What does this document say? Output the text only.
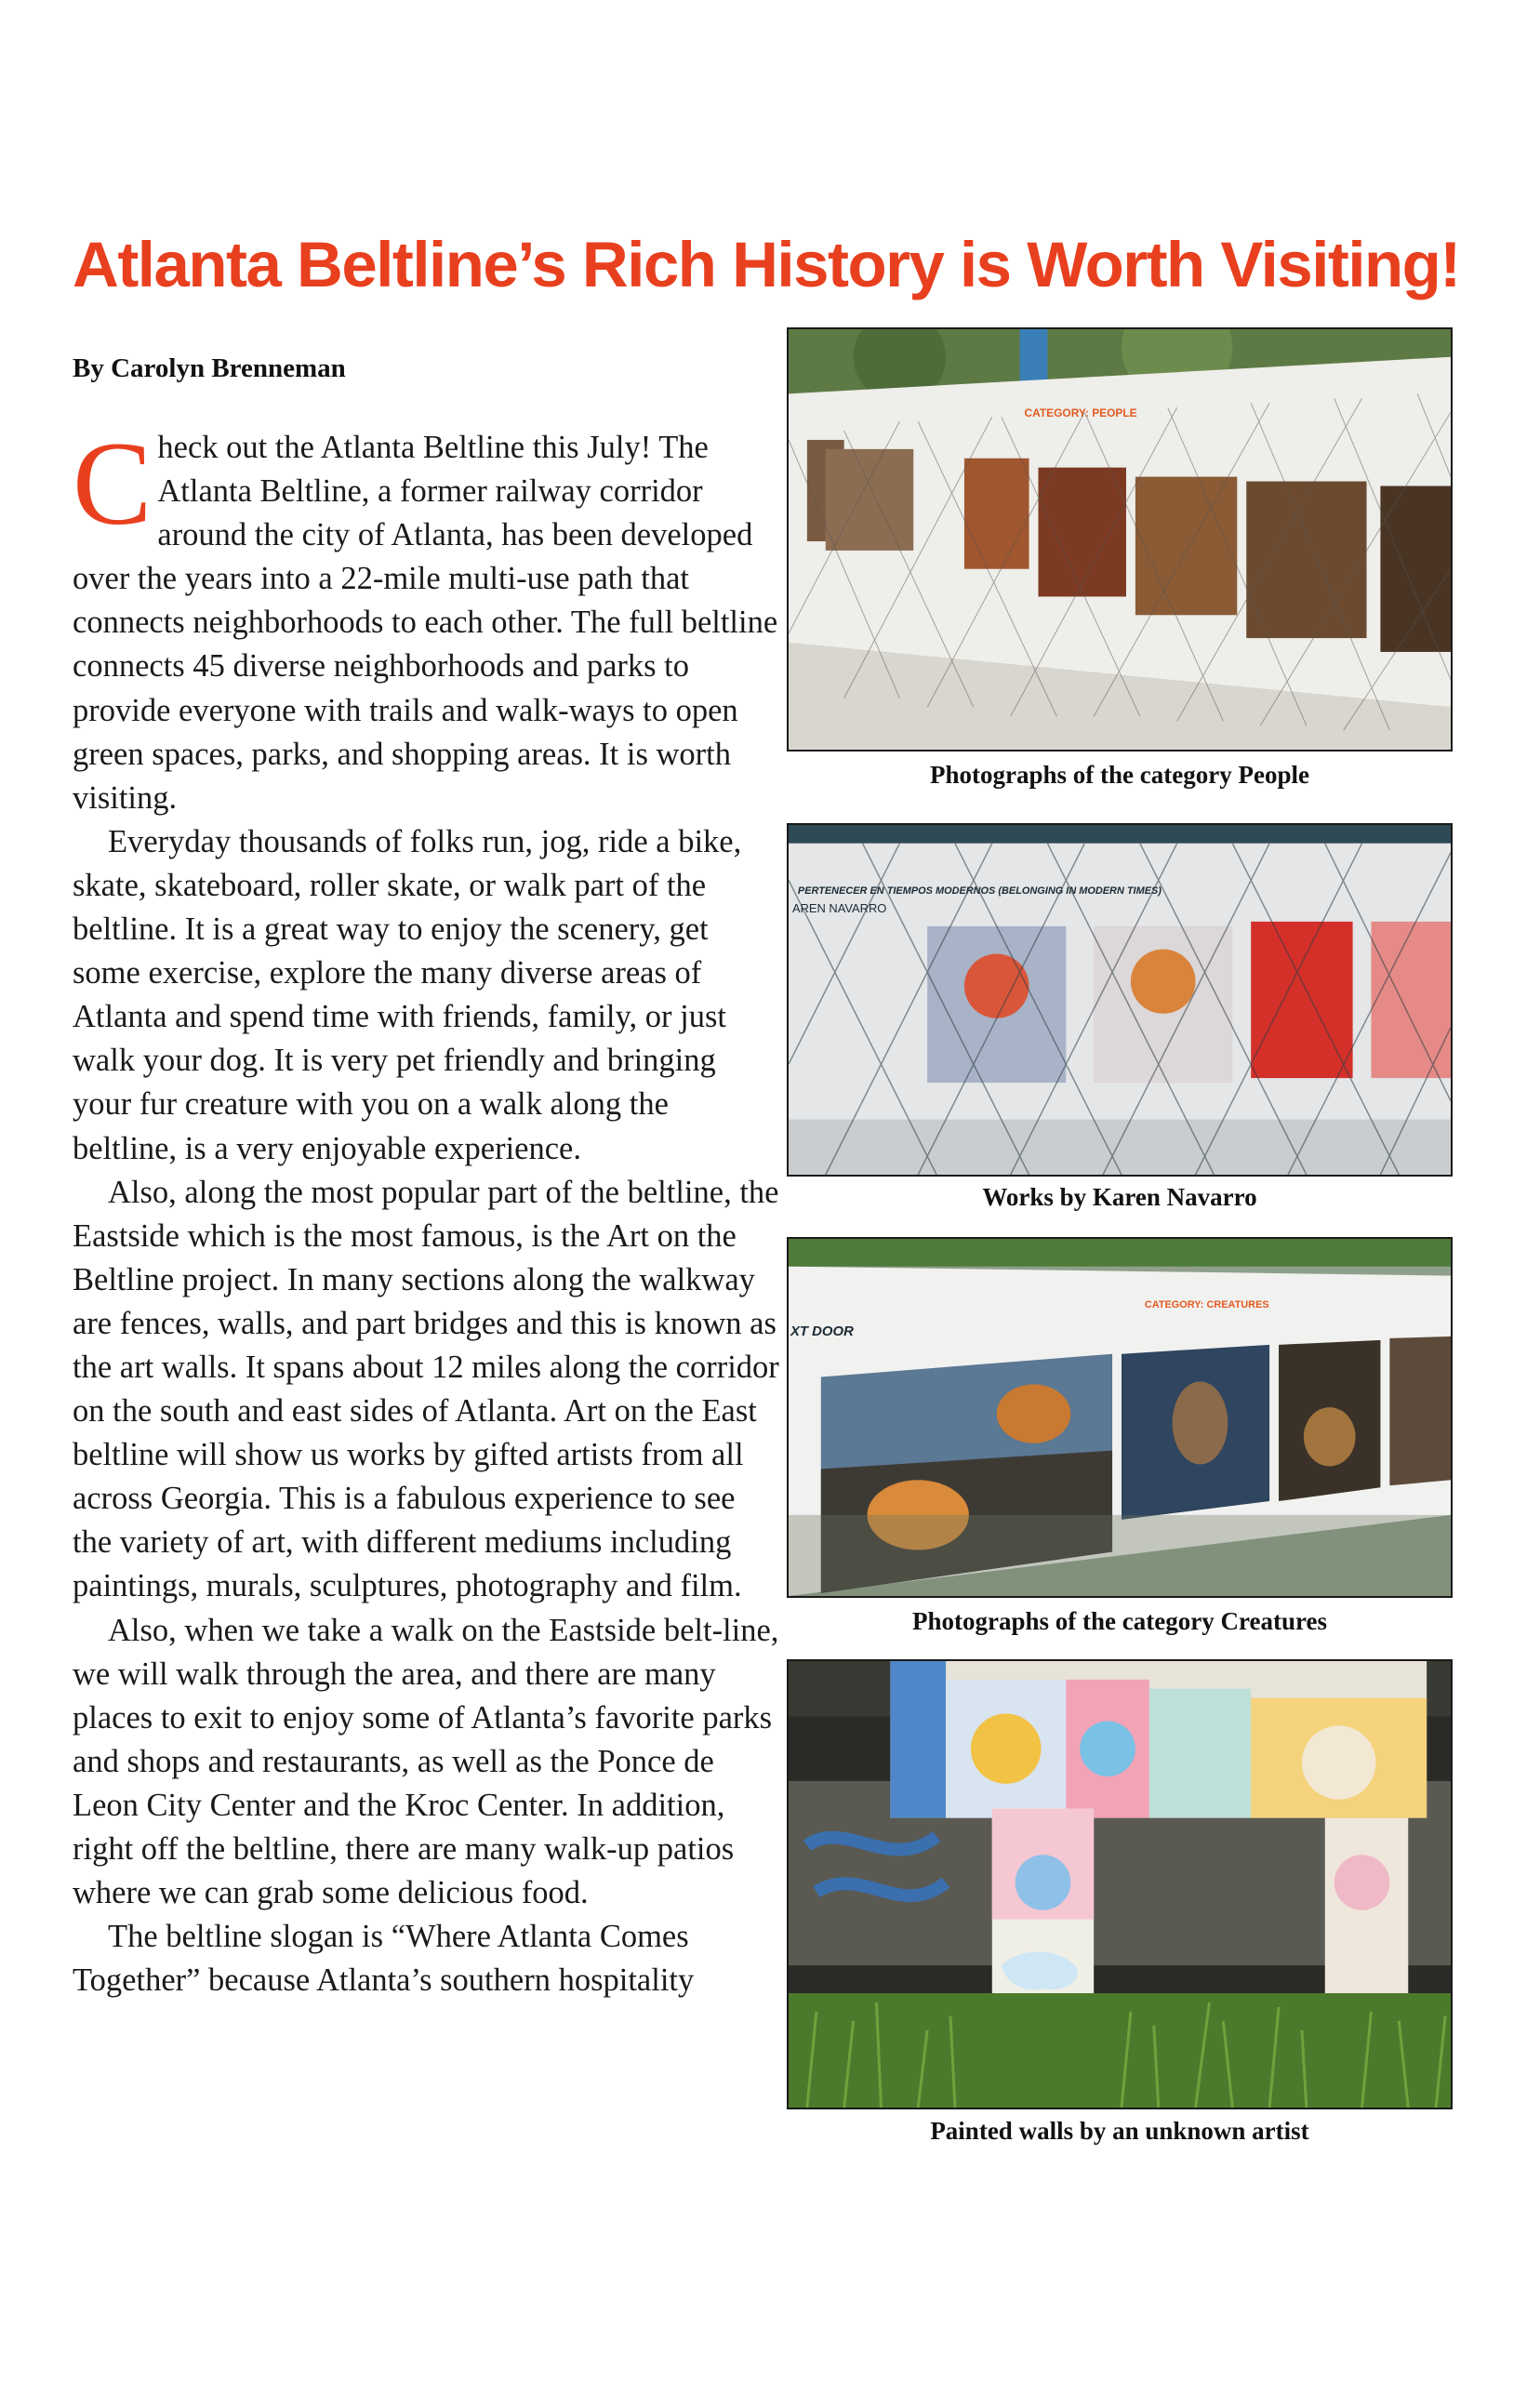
Atlanta Beltline’s Rich History is Worth Visiting!
By Carolyn Brenneman

Check out the Atlanta Beltline this July! The Atlanta Beltline, a former railway corridor around the city of Atlanta, has been developed over the years into a 22-mile multi-use path that connects neighborhoods to each other. The full beltline connects 45 diverse neighborhoods and parks to provide everyone with trails and walk-ways to open green spaces, parks, and shopping areas. It is worth visiting.

Everyday thousands of folks run, jog, ride a bike, skate, skateboard, roller skate, or walk part of the beltline. It is a great way to enjoy the scenery, get some exercise, explore the many diverse areas of Atlanta and spend time with friends, family, or just walk your dog. It is very pet friendly and bringing your fur creature with you on a walk along the beltline, is a very enjoyable experience.

Also, along the most popular part of the beltline, the Eastside which is the most famous, is the Art on the Beltline project. In many sections along the walkway are fences, walls, and part bridges and this is known as the art walls. It spans about 12 miles along the corridor on the south and east sides of Atlanta. Art on the East beltline will show us works by gifted artists from all across Georgia. This is a fabulous experience to see the variety of art, with different mediums including paintings, murals, sculptures, photography and film.

Also, when we take a walk on the Eastside belt-line, we will walk through the area, and there are many places to exit to enjoy some of Atlanta’s favorite parks and shops and restaurants, as well as the Ponce de Leon City Center and the Kroc Center. In addition, right off the beltline, there are many walk-up patios where we can grab some delicious food.

The beltline slogan is “Where Atlanta Comes Together” because Atlanta’s southern hospitality

CATEGORY: PEOPLE
Photographs of the category People
PERTENECER EN TIEMPOS MODERNOS (BELONGING IN MODERN TIMES)
AREN NAVARRO
Works by Karen Navarro
CATEGORY: CREATURES
XT DOOR
Photographs of the category Creatures
Painted walls by an unknown artist
